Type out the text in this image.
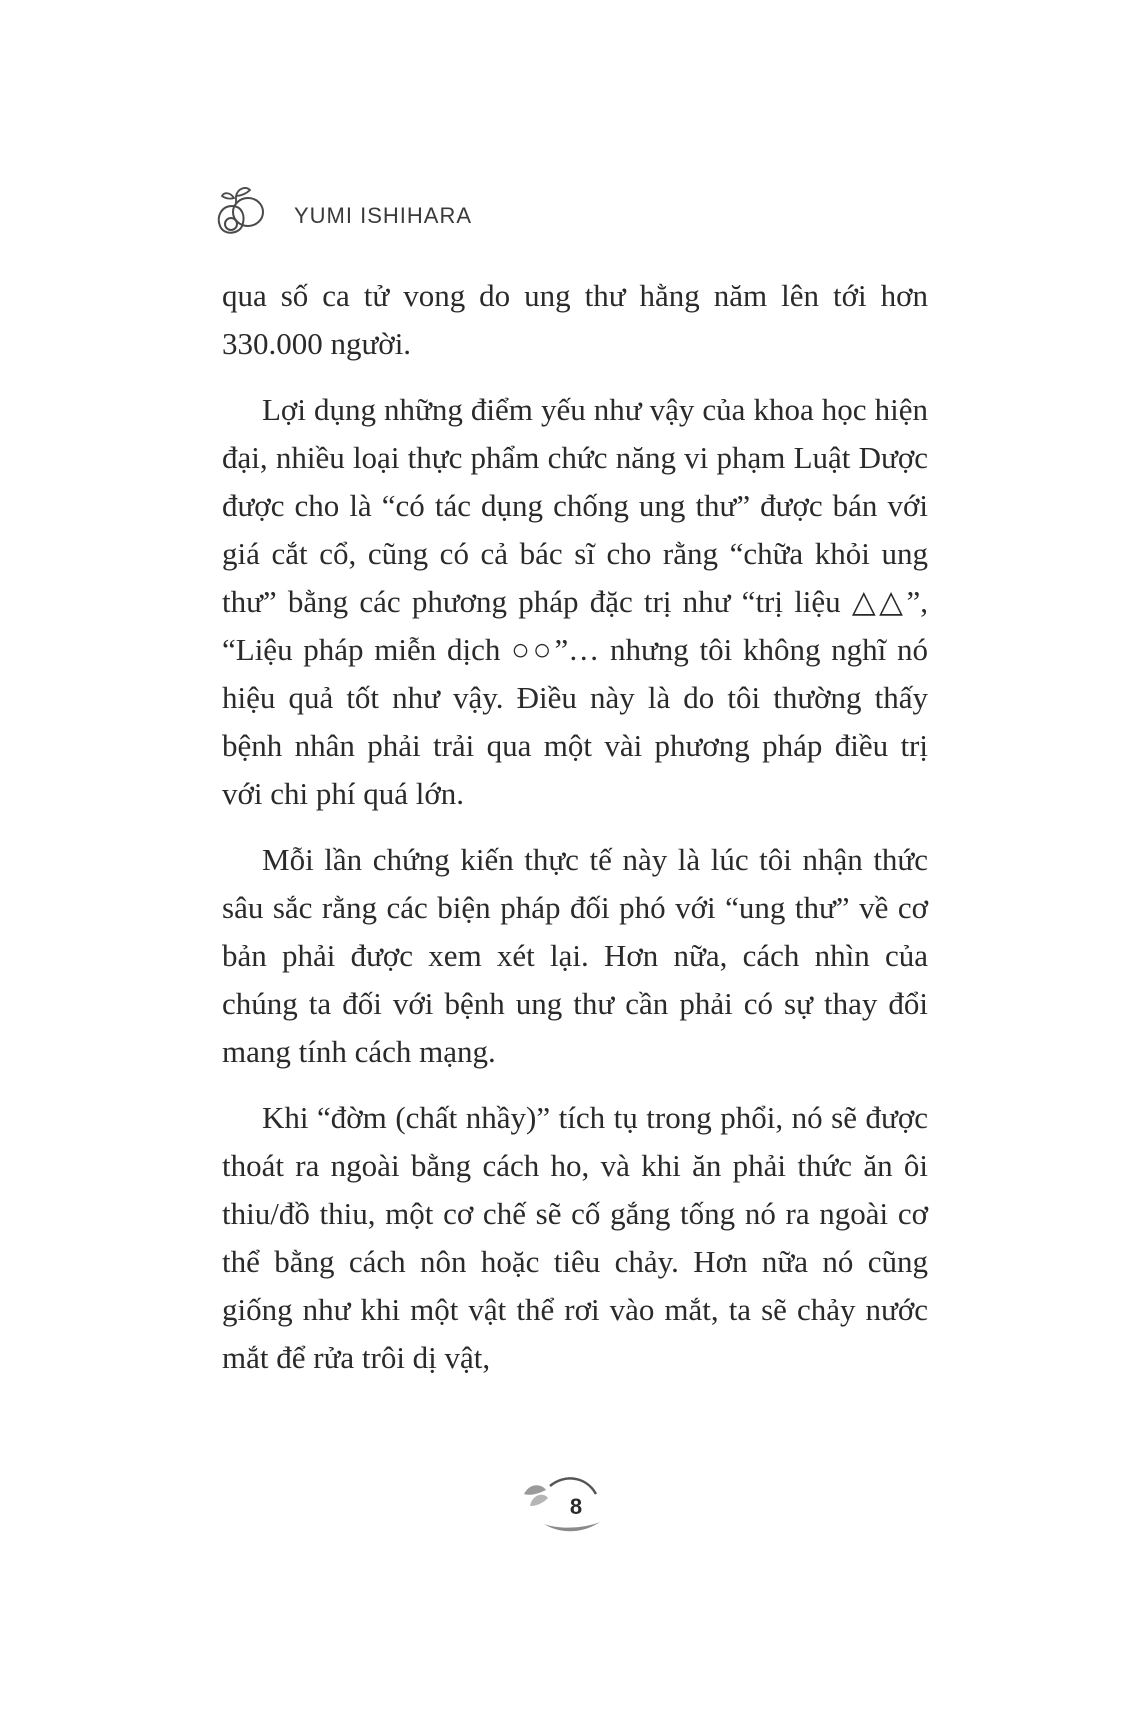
YUMI ISHIHARA

qua số ca tử vong do ung thư hằng năm lên tới hơn 330.000 người.

Lợi dụng những điểm yếu như vậy của khoa học hiện đại, nhiều loại thực phẩm chức năng vi phạm Luật Dược được cho là “có tác dụng chống ung thư” được bán với giá cắt cổ, cũng có cả bác sĩ cho rằng “chữa khỏi ung thư” bằng các phương pháp đặc trị như “trị liệu △△”, “Liệu pháp miễn dịch ○○”… nhưng tôi không nghĩ nó hiệu quả tốt như vậy. Điều này là do tôi thường thấy bệnh nhân phải trải qua một vài phương pháp điều trị với chi phí quá lớn.

Mỗi lần chứng kiến thực tế này là lúc tôi nhận thức sâu sắc rằng các biện pháp đối phó với “ung thư” về cơ bản phải được xem xét lại. Hơn nữa, cách nhìn của chúng ta đối với bệnh ung thư cần phải có sự thay đổi mang tính cách mạng.

Khi “đờm (chất nhầy)” tích tụ trong phổi, nó sẽ được thoát ra ngoài bằng cách ho, và khi ăn phải thức ăn ôi thiu/đồ thiu, một cơ chế sẽ cố gắng tống nó ra ngoài cơ thể bằng cách nôn hoặc tiêu chảy. Hơn nữa nó cũng giống như khi một vật thể rơi vào mắt, ta sẽ chảy nước mắt để rửa trôi dị vật,

8
